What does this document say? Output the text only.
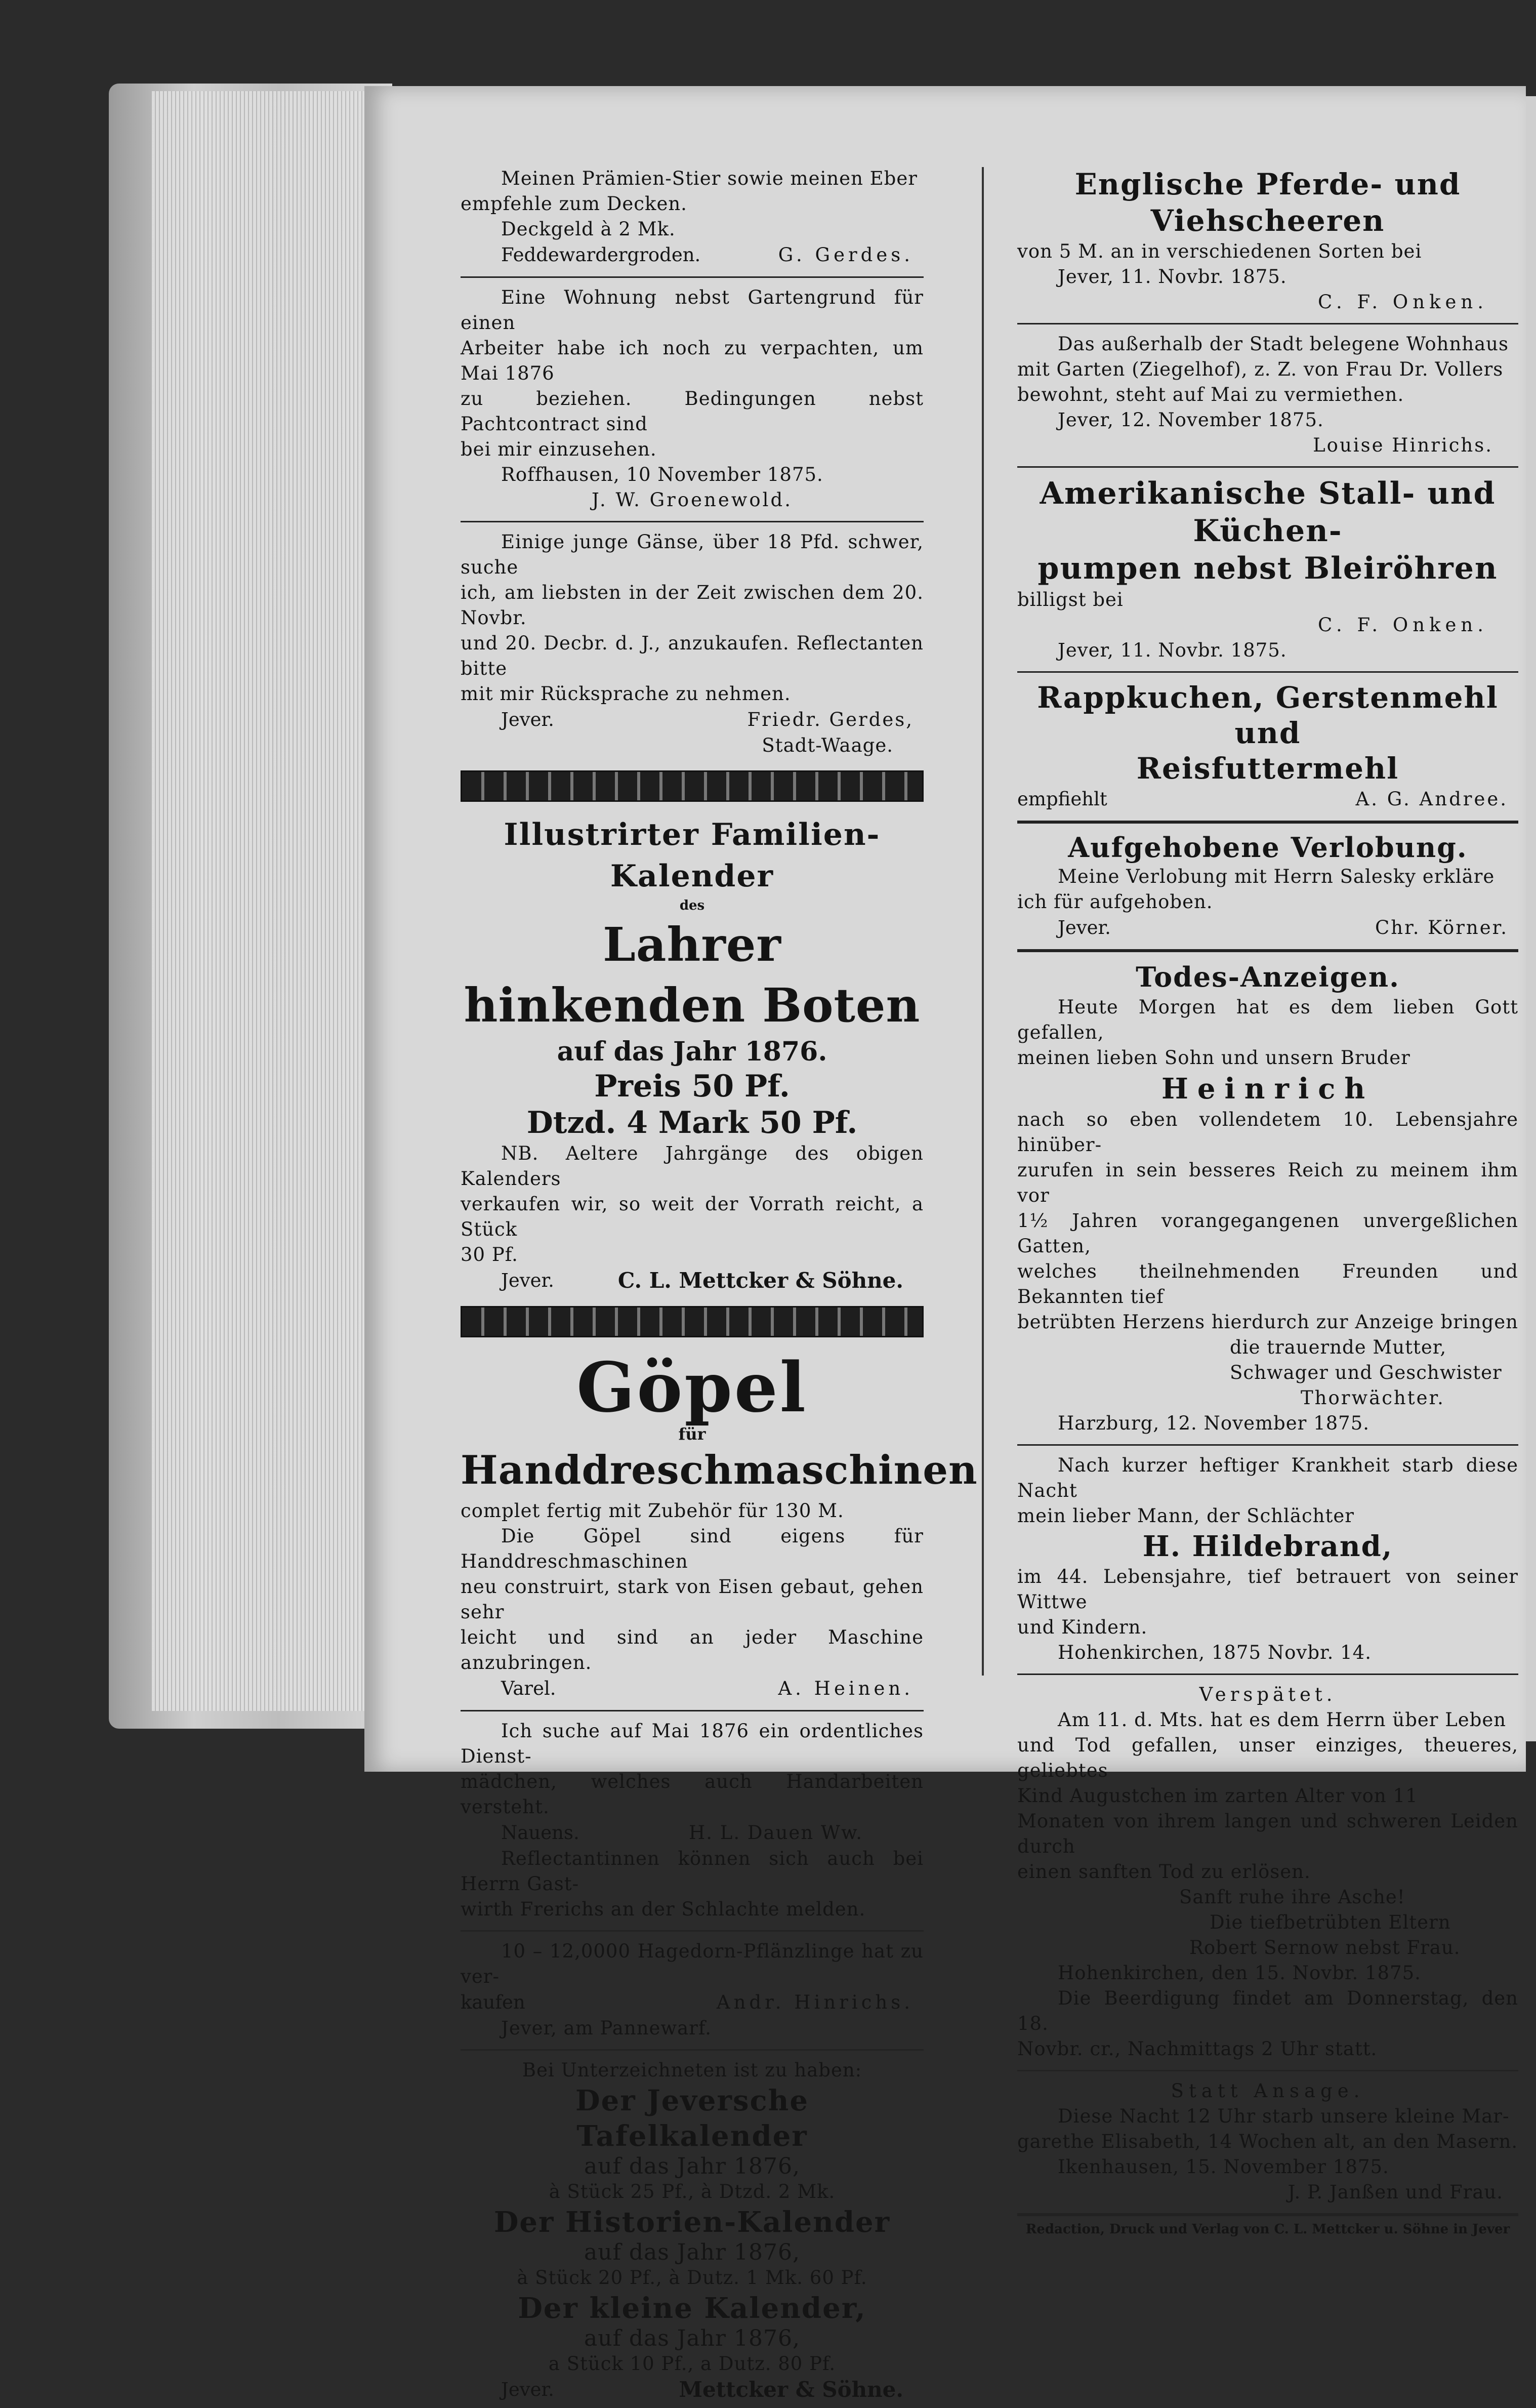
Meinen Prämien-Stier sowie meinen Eber

empfehle zum Decken.

Deckgeld à 2 Mk.

Feddewardergroden.	G. Gerdes.

Eine Wohnung nebst Gartengrund für einen

Arbeiter habe ich noch zu verpachten, um Mai 1876

zu beziehen. Bedingungen nebst Pachtcontract sind

bei mir einzusehen.

Roffhausen, 10 November 1875.

J. W. Groenewold.

Einige junge Gänse, über 18 Pfd. schwer, suche

ich, am liebsten in der Zeit zwischen dem 20. Novbr.

und 20. Decbr. d. J., anzukaufen. Reflectanten bitte

mit mir Rücksprache zu nehmen.

Jever.	Friedr. Gerdes,

Stadt-Waage.

Illustrirter Familien-Kalender

des

Lahrer hinkenden Boten

auf das Jahr 1876.

Preis 50 Pf.

Dtzd. 4 Mark 50 Pf.

NB. Aeltere Jahrgänge des obigen Kalenders

verkaufen wir, so weit der Vorrath reicht, a Stück

30 Pf.

Jever.	C. L. Mettcker & Söhne.

Göpel

für

Handdreschmaschinen

complet fertig mit Zubehör für 130 M.

Die Göpel sind eigens für Handdreschmaschinen

neu construirt, stark von Eisen gebaut, gehen sehr

leicht und sind an jeder Maschine anzubringen.

Varel.	A. Heinen.

Ich suche auf Mai 1876 ein ordentliches Dienst-

mädchen, welches auch Handarbeiten versteht.

Nauens.	H. L. Dauen Ww.

Reflectantinnen können sich auch bei Herrn Gast-

wirth Frerichs an der Schlachte melden.

10 – 12,0000 Hagedorn-Pflänzlinge hat zu ver-

kaufen	Andr. Hinrichs.

Jever, am Pannewarf.

Bei Unterzeichneten ist zu haben:

Der Jeversche Tafelkalender

auf das Jahr 1876,

à Stück 25 Pf., à Dtzd. 2 Mk.

Der Historien-Kalender

auf das Jahr 1876,

à Stück 20 Pf., à Dutz. 1 Mk. 60 Pf.

Der kleine Kalender,

auf das Jahr 1876,

a Stück 10 Pf., a Dutz. 80 Pf.

Jever.	Mettcker & Söhne.

Englische Pferde- und Viehscheeren

von 5 M. an in verschiedenen Sorten bei

Jever, 11. Novbr. 1875.

C. F. Onken.

Das außerhalb der Stadt belegene Wohnhaus

mit Garten (Ziegelhof), z. Z. von Frau Dr. Vollers

bewohnt, steht auf Mai zu vermiethen.

Jever, 12. November 1875.

Louise Hinrichs.

Amerikanische Stall- und Küchen-

pumpen nebst Bleiröhren

billigst bei

C. F. Onken.

Jever, 11. Novbr. 1875.

Rappkuchen, Gerstenmehl und

Reisfuttermehl

empfiehlt	A. G. Andree.

Aufgehobene Verlobung.

Meine Verlobung mit Herrn Salesky erkläre

ich für aufgehoben.

Jever.	Chr. Körner.

Todes-Anzeigen.

Heute Morgen hat es dem lieben Gott gefallen,

meinen lieben Sohn und unsern Bruder

Heinrich

nach so eben vollendetem 10. Lebensjahre hinüber-

zurufen in sein besseres Reich zu meinem ihm vor

1½ Jahren vorangegangenen unvergeßlichen Gatten,

welches theilnehmenden Freunden und Bekannten tief

betrübten Herzens hierdurch zur Anzeige bringen

die trauernde Mutter,

Schwager und Geschwister

Thorwächter.

Harzburg, 12. November 1875.

Nach kurzer heftiger Krankheit starb diese Nacht

mein lieber Mann, der Schlächter

H. Hildebrand,

im 44. Lebensjahre, tief betrauert von seiner Wittwe

und Kindern.

Hohenkirchen, 1875 Novbr. 14.

Verspätet.

Am 11. d. Mts. hat es dem Herrn über Leben

und Tod gefallen, unser einziges, theueres, geliebtes

Kind Augustchen im zarten Alter von 11

Monaten von ihrem langen und schweren Leiden durch

einen sanften Tod zu erlösen.

Sanft ruhe ihre Asche!

Die tiefbetrübten Eltern

Robert Sernow nebst Frau.

Hohenkirchen, den 15. Novbr. 1875.

Die Beerdigung findet am Donnerstag, den 18.

Novbr. cr., Nachmittags 2 Uhr statt.

Statt Ansage.

Diese Nacht 12 Uhr starb unsere kleine Mar-

garethe Elisabeth, 14 Wochen alt, an den Masern.

Ikenhausen, 15. November 1875.

J. P. Janßen und Frau.

Redaction, Druck und Verlag von C. L. Mettcker u. Söhne in Jever
